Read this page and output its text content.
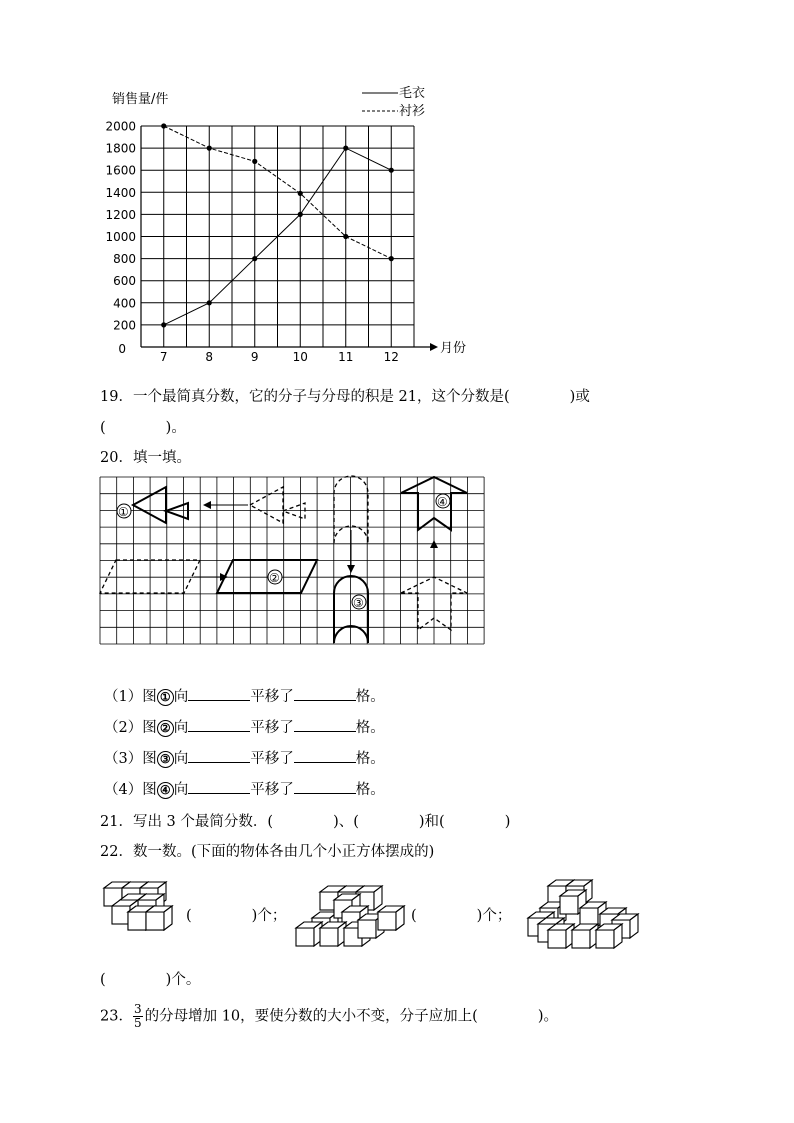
销售量/件
月份
2000
1800
1600
1400
1200
1000
800
600
400
200
0
7	8	9	10	11	12
毛衣
衬衫
19．一个最简真分数，它的分子与分母的积是 21，这个分数是(	)或
(	)。
20．填一填。
①
②
③
④
（1）图 ① 向	平移了	格。
（2）图 ② 向	平移了	格。
（3）图 ③ 向	平移了	格。
（4）图 ④ 向	平移了	格。
21．写出 3 个最简分数．(	)、(	)和(	)
22．数一数。(下面的物体各由几个小正方体摆成的)
(	)个；	(	)个；
(	)个。
23． $\frac{3}{5}$ 的分母增加 10，要使分数的大小不变，分子应加上(	)。
